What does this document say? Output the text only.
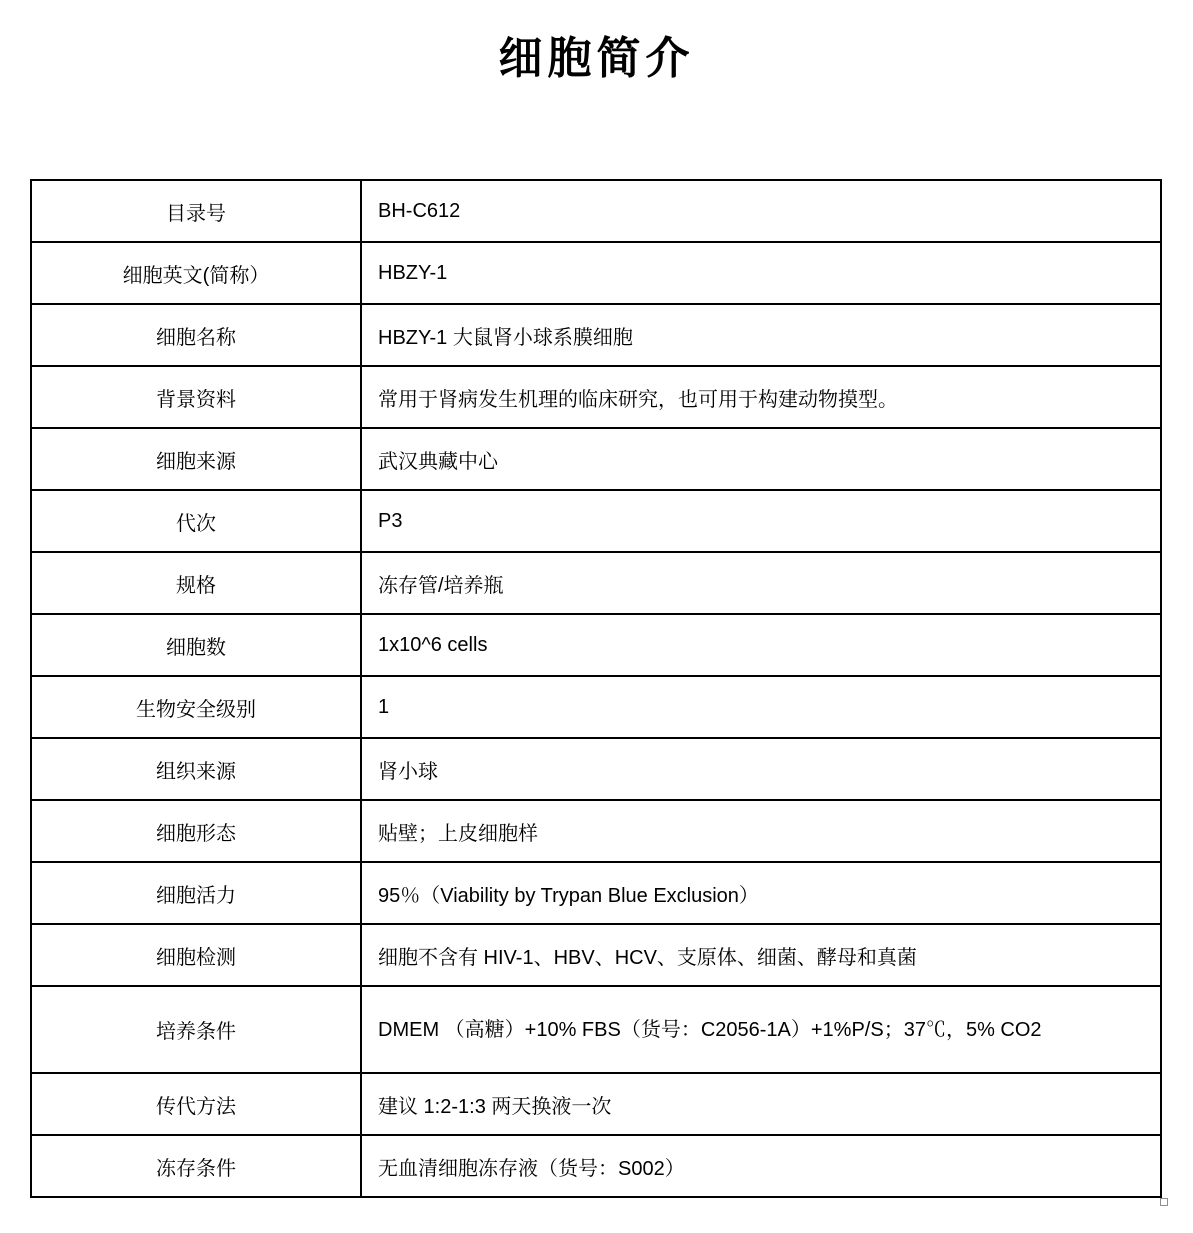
细胞简介
目录号	BH-C612
细胞英文(简称）	HBZY-1
细胞名称	HBZY-1 大鼠肾小球系膜细胞
背景资料	常用于肾病发生机理的临床研究，也可用于构建动物摸型。
细胞来源	武汉典藏中心
代次	P3
规格	冻存管/培养瓶
细胞数	1x10^6 cells
生物安全级别	1
组织来源	肾小球
细胞形态	贴壁；上皮细胞样
细胞活力	95％（Viability by Trypan Blue Exclusion）
细胞检测	细胞不含有 HIV-1、HBV、HCV、支原体、细菌、酵母和真菌
培养条件	DMEM （高糖）+10% FBS（货号：C2056-1A）+1%P/S；37℃，5% CO2
传代方法	建议 1:2-1:3 两天换液一次
冻存条件	无血清细胞冻存液（货号：S002）
